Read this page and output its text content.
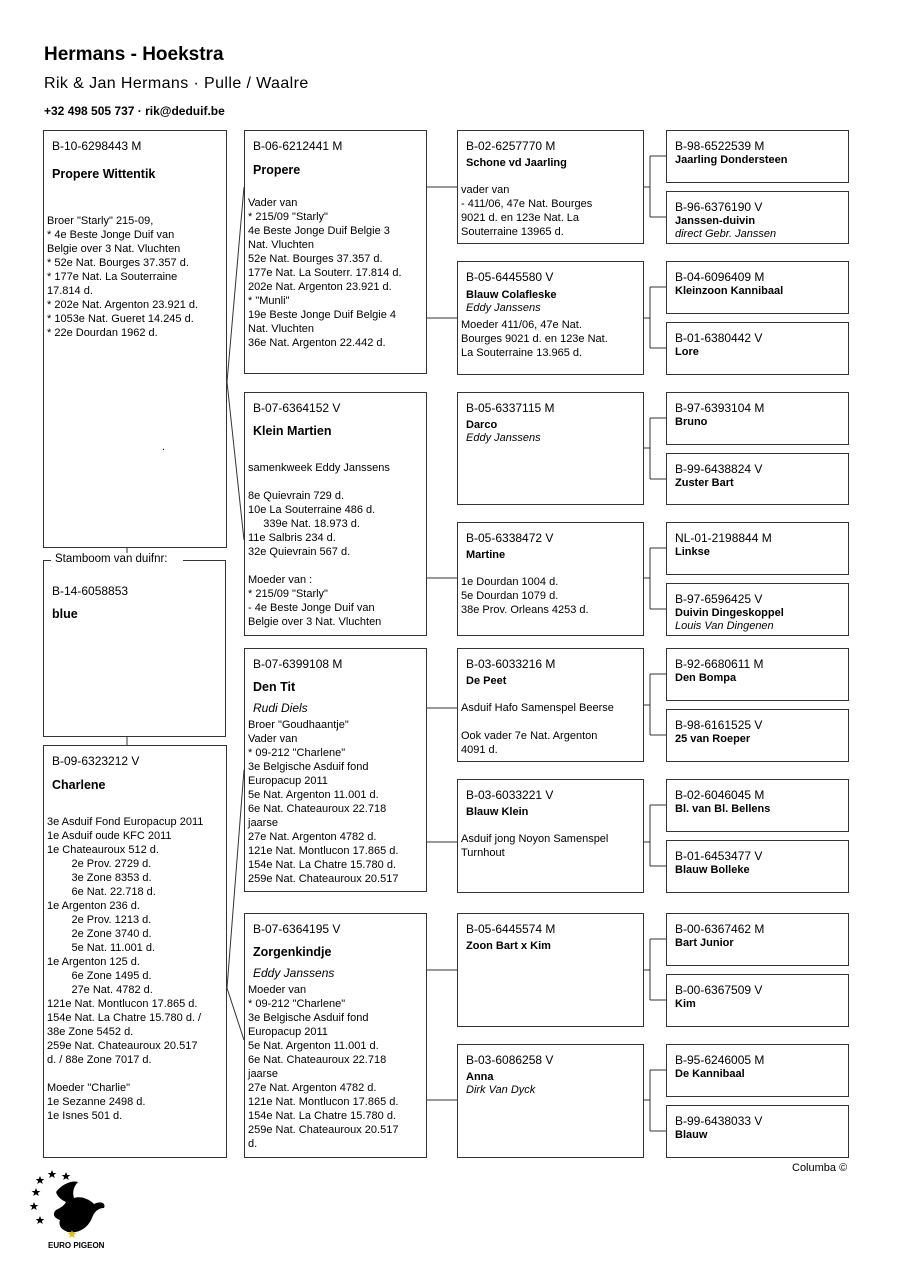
Hermans - Hoekstra
Rik & Jan Hermans · Pulle / Waalre
+32 498 505 737 · rik@deduif.be
B-10-6298443 M
Propere Wittentik
Broer "Starly" 215-09,
* 4e Beste Jonge Duif van
Belgie over 3 Nat. Vluchten
* 52e Nat. Bourges 37.357 d.
* 177e Nat. La Souterraine
17.814 d.
* 202e Nat. Argenton 23.921 d.
* 1053e Nat. Gueret 14.245 d.
* 22e Dourdan 1962 d.
.
Stamboom van duifnr:
B-14-6058853
blue
B-09-6323212 V
Charlene
3e Asduif Fond Europacup 2011
1e Asduif oude KFC 2011
1e Chateauroux 512 d.
2e Prov. 2729 d.
3e Zone 8353 d.
6e Nat. 22.718 d.
1e Argenton 236 d.
2e Prov. 1213 d.
2e Zone 3740 d.
5e Nat. 11.001 d.
1e Argenton 125 d.
6e Zone 1495 d.
27e Nat. 4782 d.
121e Nat. Montlucon 17.865 d.
154e Nat. La Chatre 15.780 d. /
38e Zone 5452 d.
259e Nat. Chateauroux 20.517
d. / 88e Zone 7017 d.

Moeder "Charlie"
1e Sezanne 2498 d.
1e Isnes 501 d.
B-06-6212441 M
Propere
Vader van
* 215/09 "Starly"
4e Beste Jonge Duif Belgie 3
Nat. Vluchten
52e Nat. Bourges 37.357 d.
177e Nat. La Souterr. 17.814 d.
202e Nat. Argenton 23.921 d.
* "Munli"
19e Beste Jonge Duif Belgie 4
Nat. Vluchten
36e Nat. Argenton 22.442 d.
B-07-6364152 V
Klein Martien
samenkweek Eddy Janssens

8e Quievrain 729 d.
10e La Souterraine 486 d.
339e Nat. 18.973 d.
11e Salbris 234 d.
32e Quievrain 567 d.

Moeder van :
* 215/09 "Starly"
- 4e Beste Jonge Duif van
Belgie over 3 Nat. Vluchten
B-07-6399108 M
Den Tit
Rudi Diels
Broer "Goudhaantje"
Vader van
* 09-212 "Charlene"
3e Belgische Asduif fond
Europacup 2011
5e Nat. Argenton 11.001 d.
6e Nat. Chateauroux 22.718
jaarse
27e Nat. Argenton 4782 d.
121e Nat. Montlucon 17.865 d.
154e Nat. La Chatre 15.780 d.
259e Nat. Chateauroux 20.517
B-07-6364195 V
Zorgenkindje
Eddy Janssens
Moeder van
* 09-212 "Charlene"
3e Belgische Asduif fond
Europacup 2011
5e Nat. Argenton 11.001 d.
6e Nat. Chateauroux 22.718
jaarse
27e Nat. Argenton 4782 d.
121e Nat. Montlucon 17.865 d.
154e Nat. La Chatre 15.780 d.
259e Nat. Chateauroux 20.517
d.
B-02-6257770 M
Schone vd Jaarling
vader van
- 411/06, 47e Nat. Bourges
9021 d. en 123e Nat. La
Souterraine 13965 d.
B-05-6445580 V
Blauw Colafleske
Eddy Janssens
Moeder 411/06, 47e Nat.
Bourges 9021 d. en 123e Nat.
La Souterraine 13.965 d.
B-05-6337115 M
Darco
Eddy Janssens
B-05-6338472 V
Martine
1e Dourdan 1004 d.
5e Dourdan 1079 d.
38e Prov. Orleans 4253 d.
B-03-6033216 M
De Peet
Asduif Hafo Samenspel Beerse

Ook vader 7e Nat. Argenton
4091 d.
B-03-6033221 V
Blauw Klein
Asduif jong Noyon Samenspel
Turnhout
B-05-6445574 M
Zoon Bart x Kim
B-03-6086258 V
Anna
Dirk Van Dyck
B-98-6522539 M
Jaarling Dondersteen
B-96-6376190 V
Janssen-duivin
direct Gebr. Janssen
B-04-6096409 M
Kleinzoon Kannibaal
B-01-6380442 V
Lore
B-97-6393104 M
Bruno
B-99-6438824 V
Zuster Bart
NL-01-2198844 M
Linkse
B-97-6596425 V
Duivin Dingeskoppel
Louis Van Dingenen
B-92-6680611 M
Den Bompa
B-98-6161525 V
25 van Roeper
B-02-6046045 M
Bl. van Bl. Bellens
B-01-6453477 V
Blauw Bolleke
B-00-6367462 M
Bart Junior
B-00-6367509 V
Kim
B-95-6246005 M
De Kannibaal
B-99-6438033 V
Blauw
Columba ©
EURO PIGEON
